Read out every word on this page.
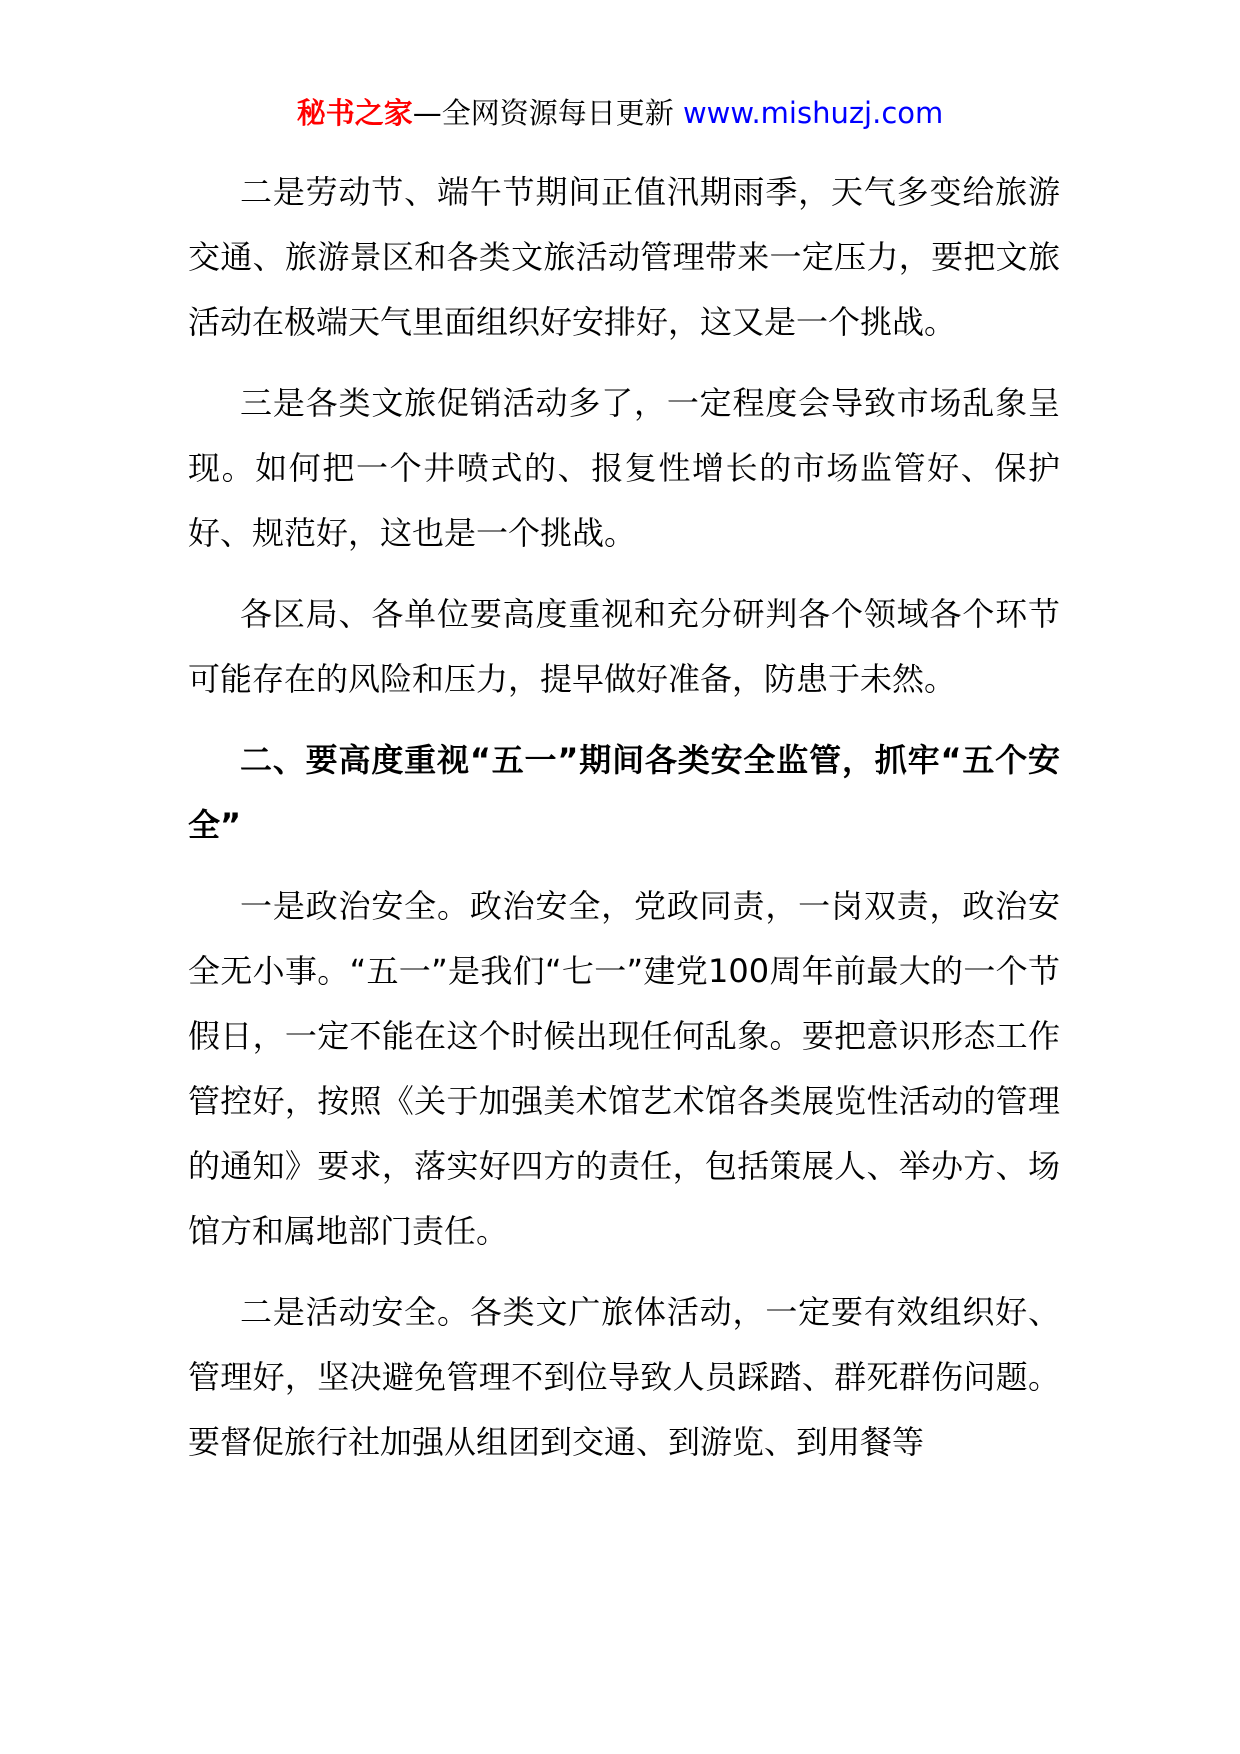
秘书之家—全网资源每日更新 www.mishuzj.com

二是劳动节、端午节期间正值汛期雨季，天气多变给旅游交通、旅游景区和各类文旅活动管理带来一定压力，要把文旅活动在极端天气里面组织好安排好，这又是一个挑战。

三是各类文旅促销活动多了，一定程度会导致市场乱象呈现。如何把一个井喷式的、报复性增长的市场监管好、保护好、规范好，这也是一个挑战。

各区局、各单位要高度重视和充分研判各个领域各个环节可能存在的风险和压力，提早做好准备，防患于未然。

二、要高度重视“五一”期间各类安全监管，抓牢“五个安全”

一是政治安全。政治安全，党政同责，一岗双责，政治安全无小事。“五一”是我们“七一”建党100周年前最大的一个节假日，一定不能在这个时候出现任何乱象。要把意识形态工作管控好，按照《关于加强美术馆艺术馆各类展览性活动的管理的通知》要求，落实好四方的责任，包括策展人、举办方、场馆方和属地部门责任。

二是活动安全。各类文广旅体活动，一定要有效组织好、管理好，坚决避免管理不到位导致人员踩踏、群死群伤问题。要督促旅行社加强从组团到交通、到游览、到用餐等
